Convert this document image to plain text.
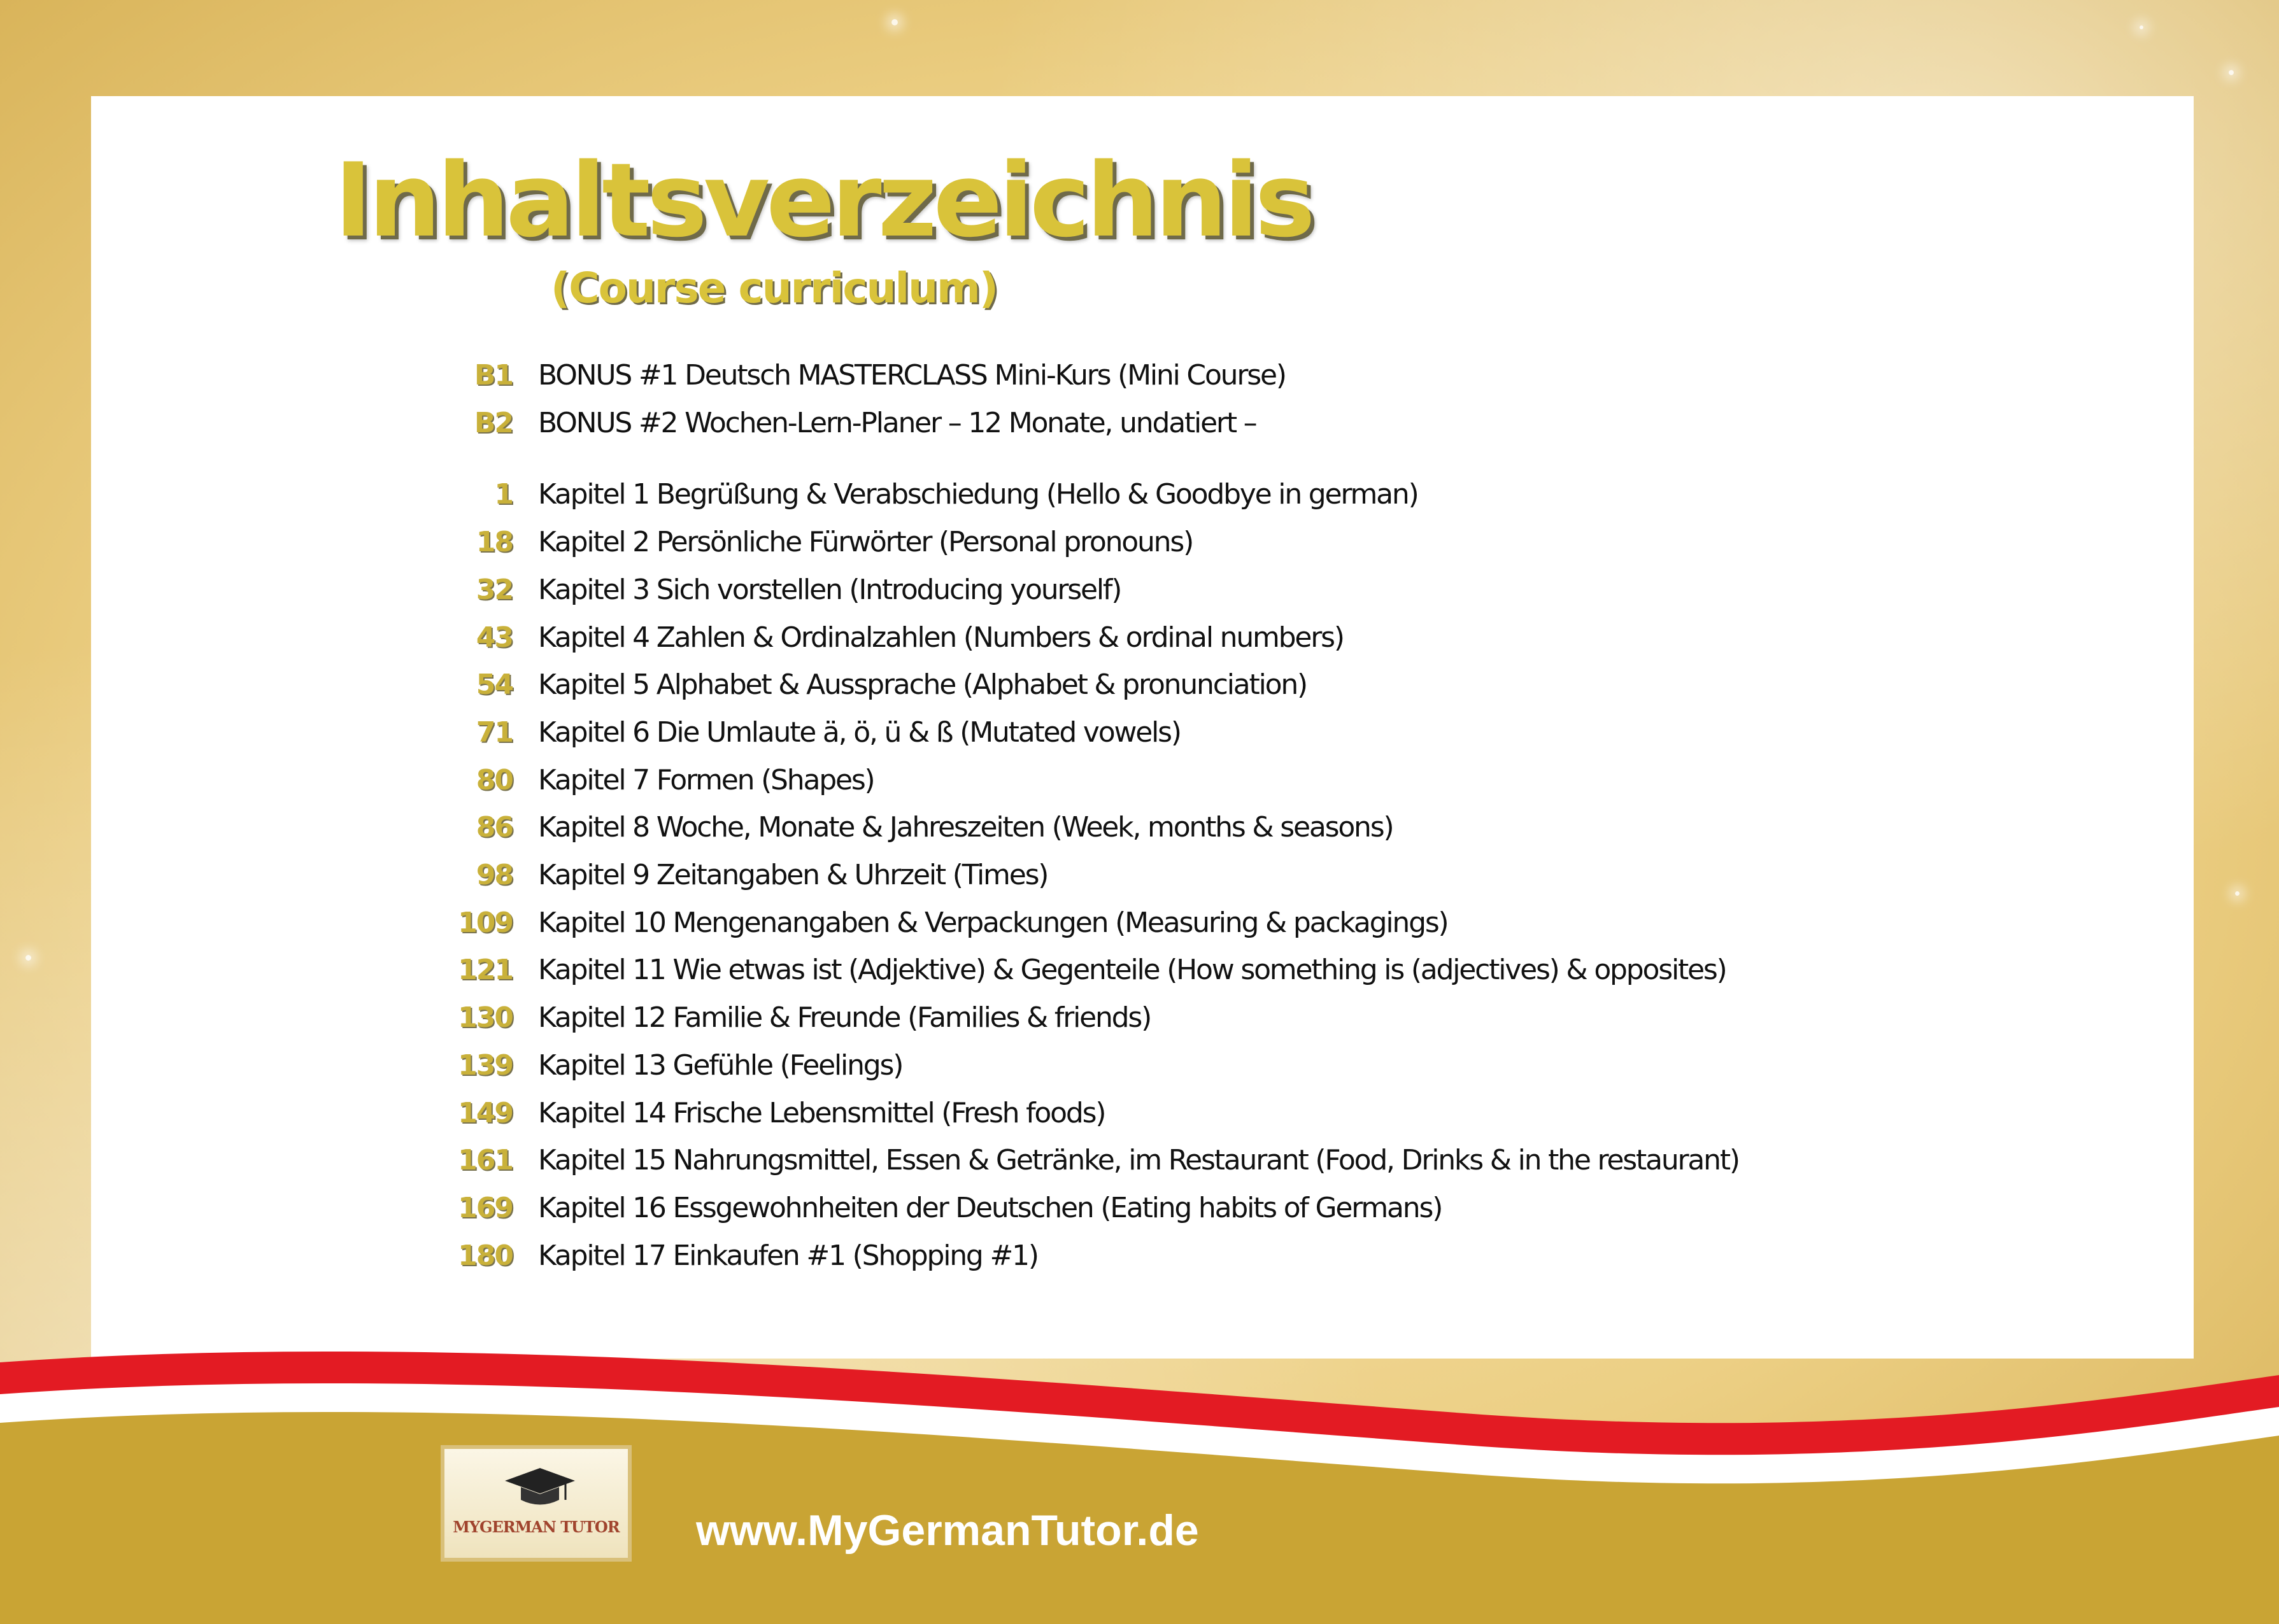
Inhaltsverzeichnis
(Course curriculum)
B1 BONUS #1 Deutsch MASTERCLASS Mini-Kurs (Mini Course)
B2 BONUS #2 Wochen-Lern-Planer – 12 Monate, undatiert –
1 Kapitel 1 Begrüßung & Verabschiedung (Hello & Goodbye in german)
18 Kapitel 2 Persönliche Fürwörter (Personal pronouns)
32 Kapitel 3 Sich vorstellen (Introducing yourself)
43 Kapitel 4 Zahlen & Ordinalzahlen (Numbers & ordinal numbers)
54 Kapitel 5 Alphabet & Aussprache (Alphabet & pronunciation)
71 Kapitel 6 Die Umlaute ä, ö, ü & ß (Mutated vowels)
80 Kapitel 7 Formen (Shapes)
86 Kapitel 8 Woche, Monate & Jahreszeiten (Week, months & seasons)
98 Kapitel 9 Zeitangaben & Uhrzeit (Times)
109 Kapitel 10 Mengenangaben & Verpackungen (Measuring & packagings)
121 Kapitel 11 Wie etwas ist (Adjektive) & Gegenteile (How something is (adjectives) & opposites)
130 Kapitel 12 Familie & Freunde (Families & friends)
139 Kapitel 13 Gefühle (Feelings)
149 Kapitel 14 Frische Lebensmittel (Fresh foods)
161 Kapitel 15 Nahrungsmittel, Essen & Getränke, im Restaurant (Food, Drinks & in the restaurant)
169 Kapitel 16 Essgewohnheiten der Deutschen (Eating habits of Germans)
180 Kapitel 17 Einkaufen #1 (Shopping #1)
MYGERMAN TUTOR www.MyGermanTutor.de
